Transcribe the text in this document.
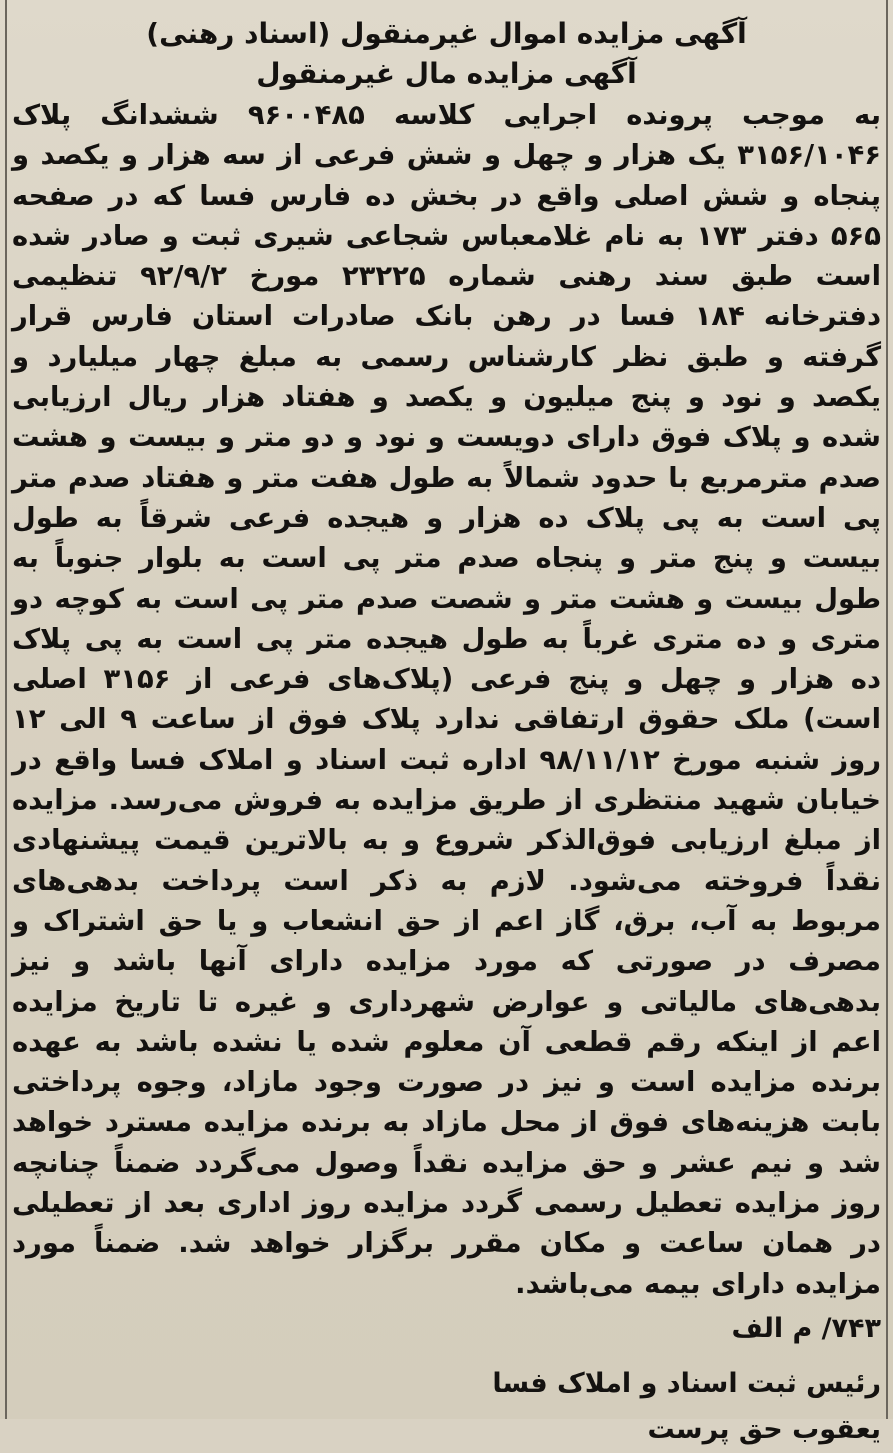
آگهی مزایده اموال غیرمنقول (اسناد رهنی)
آگهی مزایده مال غیرمنقول

به موجب پرونده اجرایی کلاسه ۹۶۰۰۴۸۵ ششدانگ پلاک ۳۱۵۶/۱۰۴۶ یک هزار و چهل و شش فرعی از سه هزار و یکصد و پنجاه و شش اصلی واقع در بخش ده فارس فسا که در صفحه ۵۶۵ دفتر ۱۷۳ به نام غلامعباس شجاعی شیری ثبت و صادر شده است طبق سند رهنی شماره ۲۳۲۲۵ مورخ ۹۲/۹/۲ تنظیمی دفترخانه ۱۸۴ فسا در رهن بانک صادرات استان فارس قرار گرفته و طبق نظر کارشناس رسمی به مبلغ چهار میلیارد و یکصد و نود و پنج میلیون و یکصد و هفتاد هزار ریال ارزیابی شده و پلاک فوق دارای دویست و نود و دو متر و بیست و هشت صدم مترمربع با حدود شمالاً به طول هفت متر و هفتاد صدم متر پی است به پی پلاک ده هزار و هیجده فرعی شرقاً به طول بیست و پنج متر و پنجاه صدم متر پی است به بلوار جنوباً به طول بیست و هشت متر و شصت صدم متر پی است به کوچه دو متری و ده متری غرباً به طول هیجده متر پی است به پی پلاک ده هزار و چهل و پنج فرعی (پلاک‌های فرعی از ۳۱۵۶ اصلی است) ملک حقوق ارتفاقی ندارد پلاک فوق از ساعت ۹ الی ۱۲ روز شنبه مورخ ۹۸/۱۱/۱۲ اداره ثبت اسناد و املاک فسا واقع در خیابان شهید منتظری از طریق مزایده به فروش می‌رسد. مزایده از مبلغ ارزیابی فوق‌الذکر شروع و به بالاترین قیمت پیشنهادی نقداً فروخته می‌شود. لازم به ذکر است پرداخت بدهی‌های مربوط به آب، برق، گاز اعم از حق انشعاب و یا حق اشتراک و مصرف در صورتی که مورد مزایده دارای آنها باشد و نیز بدهی‌های مالیاتی و عوارض شهرداری و غیره تا تاریخ مزایده اعم از اینکه رقم قطعی آن معلوم شده یا نشده باشد به عهده برنده مزایده است و نیز در صورت وجود مازاد، وجوه پرداختی بابت هزینه‌های فوق از محل مازاد به برنده مزایده مسترد خواهد شد و نیم عشر و حق مزایده نقداً وصول می‌گردد ضمناً چنانچه روز مزایده تعطیل رسمی گردد مزایده روز اداری بعد از تعطیلی در همان ساعت و مکان مقرر برگزار خواهد شد. ضمناً مورد مزایده دارای بیمه می‌باشد.

۷۴۳/ م الف
رئیس ثبت اسناد و املاک فسا
یعقوب حق پرست
